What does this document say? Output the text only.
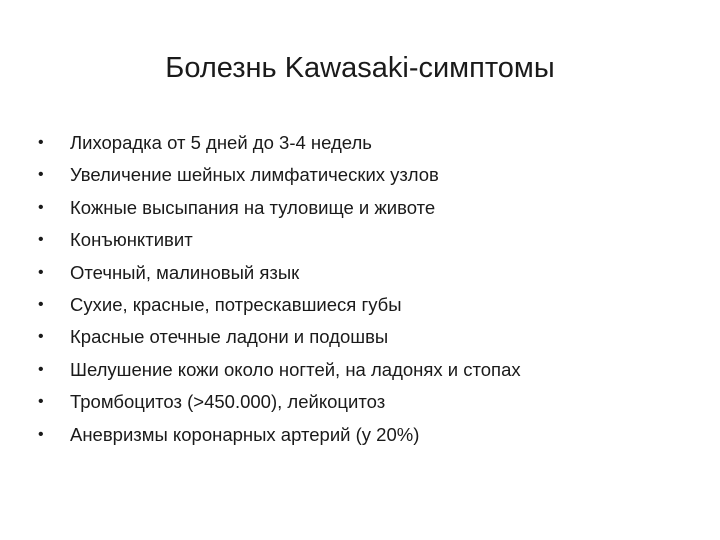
Болезнь Kawasaki-симптомы
•	Лихорадка от 5 дней до 3-4 недель
•	Увеличение шейных лимфатических узлов
•	Кожные высыпания на туловище и животе
•	Конъюнктивит
•	Отечный, малиновый язык
•	Сухие, красные, потрескавшиеся губы
•	Красные отечные ладони и подошвы
•	Шелушение кожи около ногтей, на ладонях и стопах
•	Тромбоцитоз (>450.000), лейкоцитоз
•	Аневризмы коронарных артерий (у 20%)
